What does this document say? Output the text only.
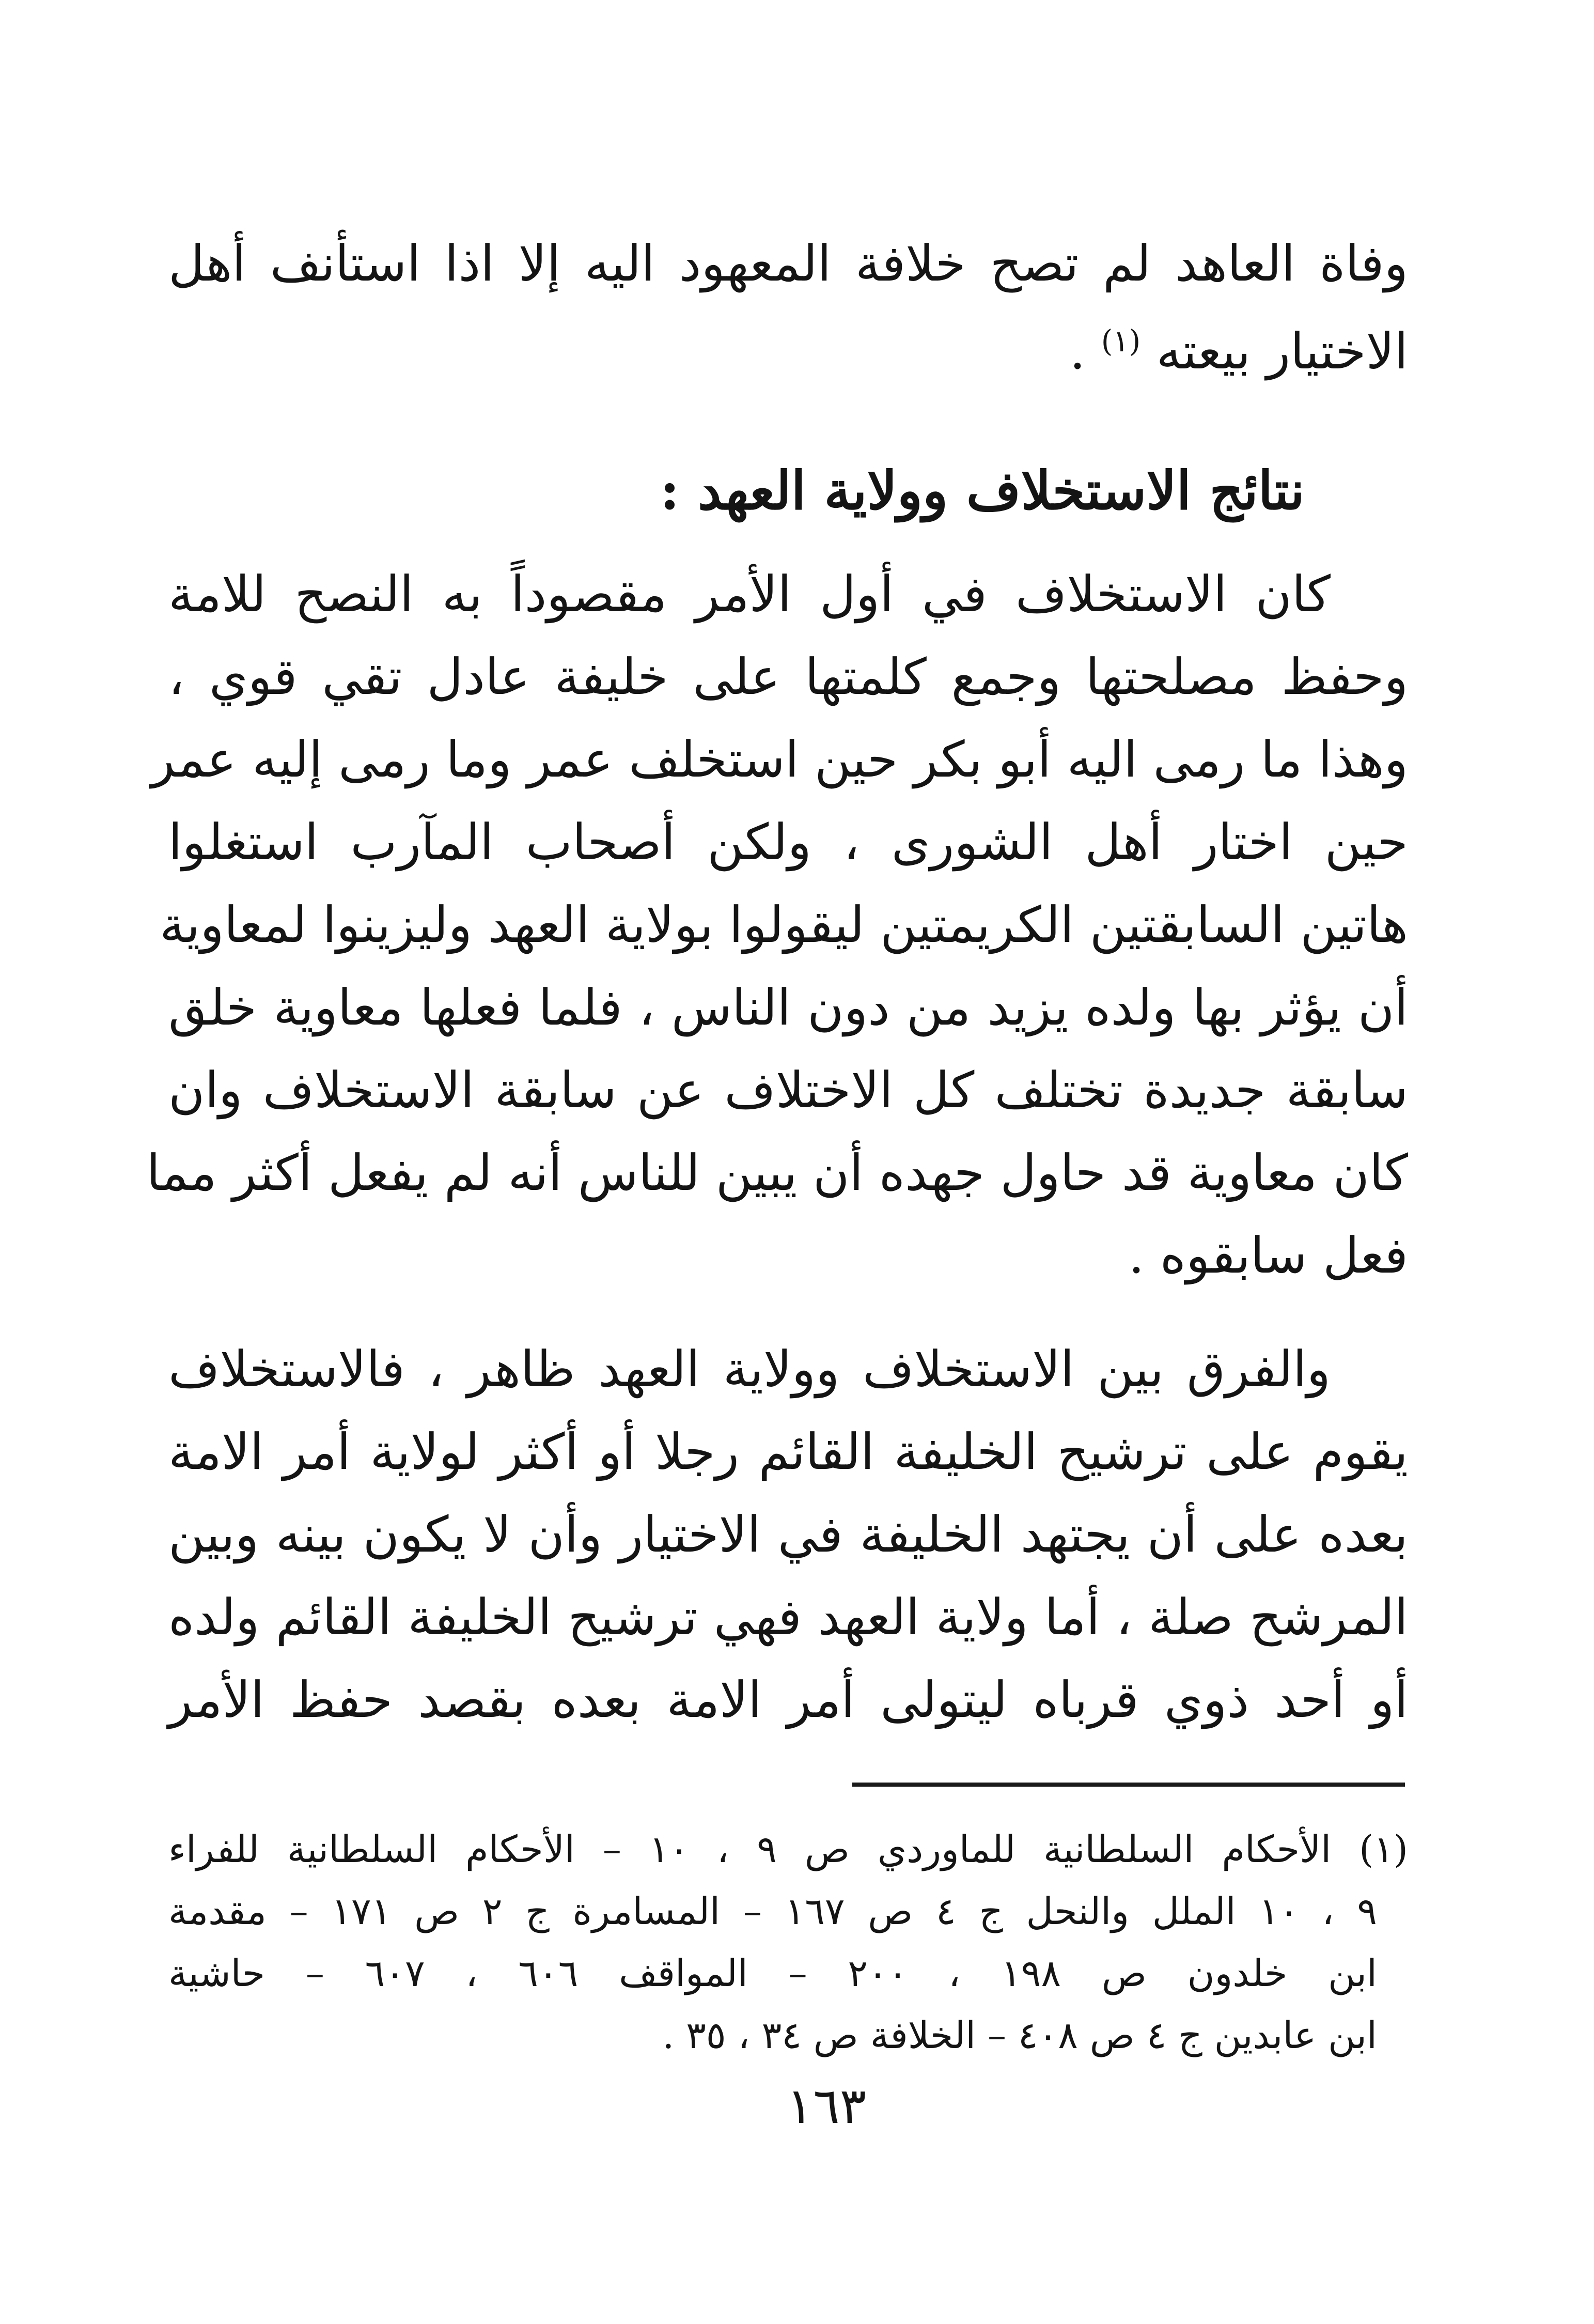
وفاة العاهد لم تصح خلافة المعهود اليه إلا اذا استأنف أهل
الاختيار بيعته $^{(١)}$ .
نتائج الاستخلاف وولاية العهد :
كان الاستخلاف في أول الأمر مقصوداً به النصح للامة
وحفظ مصلحتها وجمع كلمتها على خليفة عادل تقي قوي ،
وهذا ما رمى اليه أبو بكر حين استخلف عمر وما رمى إليه عمر
حين اختار أهل الشورى ، ولكن أصحاب المآرب استغلوا
هاتين السابقتين الكريمتين ليقولوا بولاية العهد وليزينوا لمعاوية
أن يؤثر بها ولده يزيد من دون الناس ، فلما فعلها معاوية خلق
سابقة جديدة تختلف كل الاختلاف عن سابقة الاستخلاف وان
كان معاوية قد حاول جهده أن يبين للناس أنه لم يفعل أكثر مما
فعل سابقوه .
والفرق بين الاستخلاف وولاية العهد ظاهر ، فالاستخلاف
يقوم على ترشيح الخليفة القائم رجلا أو أكثر لولاية أمر الامة
بعده على أن يجتهد الخليفة في الاختيار وأن لا يكون بينه وبين
المرشح صلة ، أما ولاية العهد فهي ترشيح الخليفة القائم ولده
أو أحد ذوي قرباه ليتولى أمر الامة بعده بقصد حفظ الأمر
(١) الأحكام السلطانية للماوردي ص ٩ ، ١٠ – الأحكام السلطانية للفراء
٩ ، ١٠ الملل والنحل ج ٤ ص ١٦٧ – المسامرة ج ٢ ص ١٧١ – مقدمة
ابن خلدون ص ١٩٨ ، ٢٠٠ – المواقف ٦٠٦ ، ٦٠٧ – حاشية
ابن عابدين ج ٤ ص ٤٠٨ – الخلافة ص ٣٤ ، ٣٥ .
١٦٣
